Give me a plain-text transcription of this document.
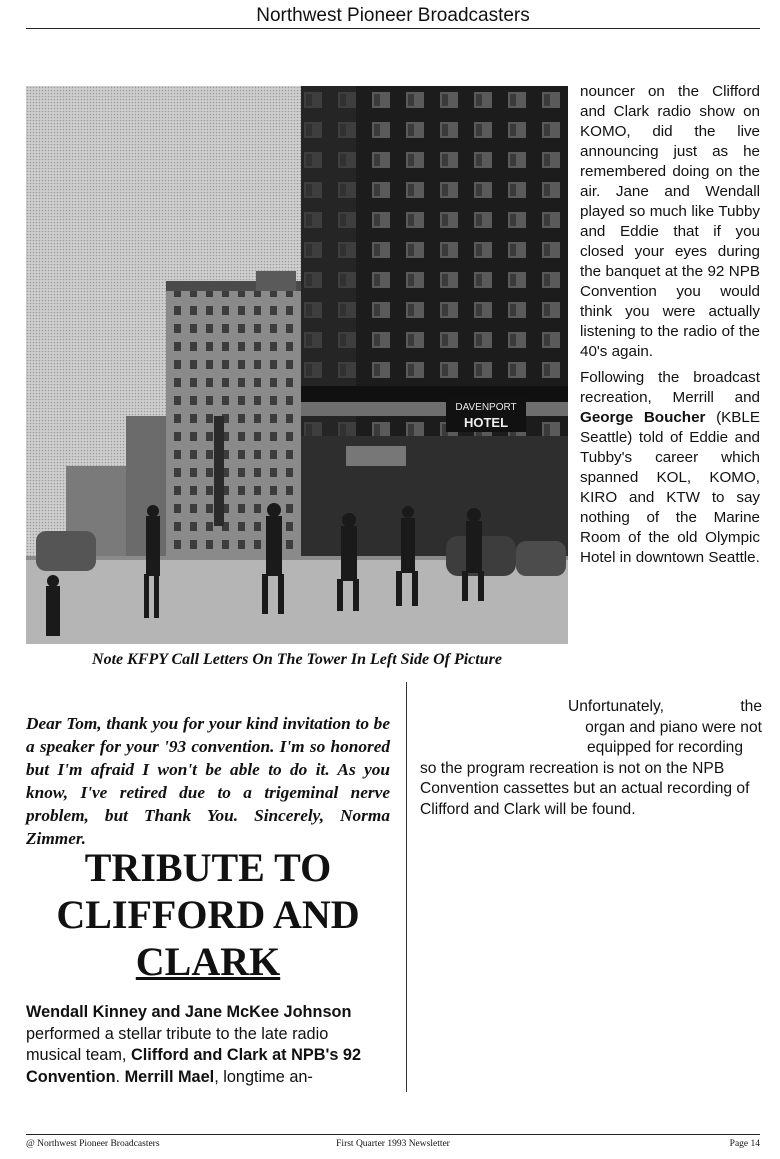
Northwest Pioneer Broadcasters
DAVENPORT
HOTEL
Note KFPY Call Letters On The Tower In Left Side Of Picture

nouncer on the Clifford and Clark radio show on KOMO, did the live announcing just as he remembered doing on the air. Jane and Wendall played so much like Tubby and Eddie that if you closed your eyes during the banquet at the 92 NPB Convention you would think you were actually listening to the radio of the 40's again.

Following the broadcast recreation, Merrill and George Boucher (KBLE Seattle) told of Eddie and Tubby's career which spanned KOL, KOMO, KIRO and KTW to say nothing of the Marine Room of the old Olympic Hotel in downtown Seattle.

Dear Tom, thank you for your kind invitation to be a speaker for your '93 convention. I'm so honored but I'm afraid I won't be able to do it. As you know, I've retired due to a trigeminal nerve problem, but Thank You. Sincerely, Norma Zimmer.

TRIBUTE TO
CLIFFORD AND
CLARK

Wendall Kinney and Jane McKee Johnson performed a stellar tribute to the late radio musical team, Clifford and Clark at NPB's 92 Convention. Merrill Mael, longtime an-

Unfortunately, the
organ and piano were not
equipped for recording
so the program recreation is not on the NPB Convention cassettes but an actual recording of Clifford and Clark will be found.

@ Northwest Pioneer Broadcasters	First Quarter 1993 Newsletter	Page 14
